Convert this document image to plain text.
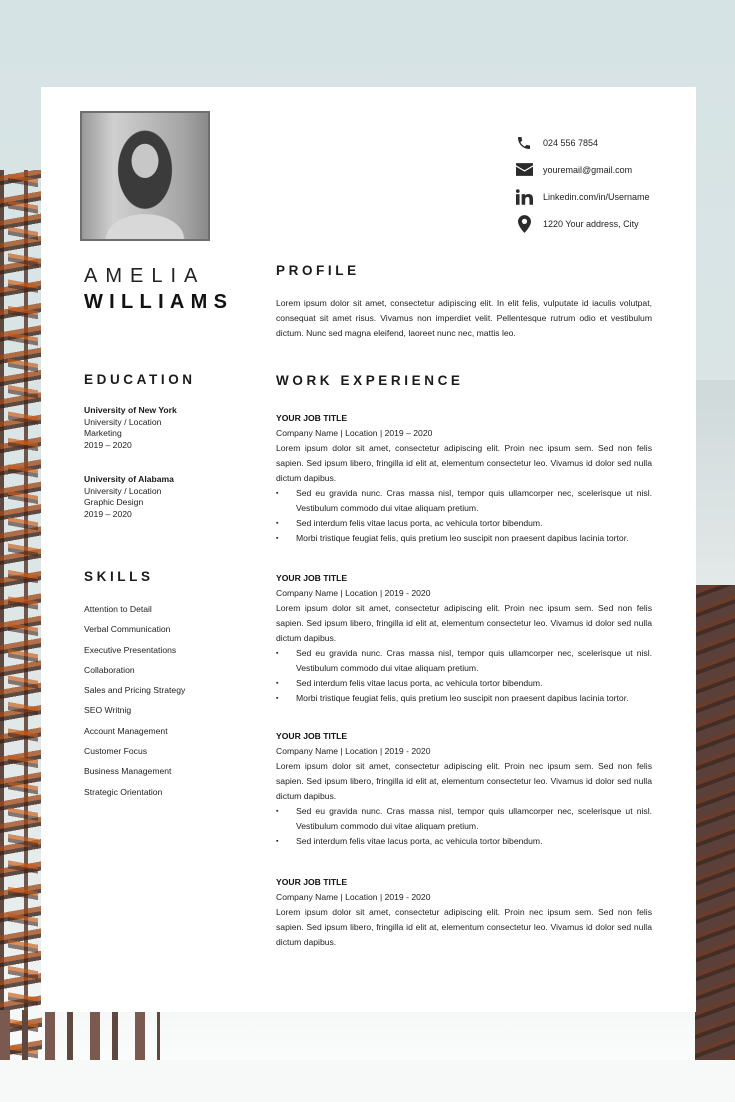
AMELIA
WILLIAMS
024 556 7854
youremail@gmail.com
Linkedin.com/in/Username
1220 Your address, City
PROFILE

Lorem ipsum dolor sit amet, consectetur adipiscing elit. In elit felis, vulputate id iaculis volutpat, consequat sit amet risus. Vivamus non imperdiet velit. Pellentesque rutrum odio et vestibulum dictum. Nunc sed magna eleifend, laoreet nunc nec, mattis leo.

EDUCATION
University of New York
University / Location
Marketing
2019 – 2020
University of Alabama
University / Location
Graphic Design
2019 – 2020
SKILLS
Attention to Detail
Verbal Communication
Executive Presentations
Collaboration
Sales and Pricing Strategy
SEO Writnig
Account Management
Customer Focus
Business Management
Strategic Orientation
WORK EXPERIENCE
YOUR JOB TITLE
Company Name | Location | 2019 – 2020
Lorem ipsum dolor sit amet, consectetur adipiscing elit. Proin nec ipsum sem. Sed non felis sapien. Sed ipsum libero, fringilla id elit at, elementum consectetur leo. Vivamus id dolor sed nulla dictum dapibus.
▪ Sed eu gravida nunc. Cras massa nisl, tempor quis ullamcorper nec, scelerisque ut nisl. Vestibulum commodo dui vitae aliquam pretium.
▪ Sed interdum felis vitae lacus porta, ac vehicula tortor bibendum.
▪ Morbi tristique feugiat felis, quis pretium leo suscipit non praesent dapibus lacinia tortor.
YOUR JOB TITLE
Company Name | Location | 2019 - 2020
Lorem ipsum dolor sit amet, consectetur adipiscing elit. Proin nec ipsum sem. Sed non felis sapien. Sed ipsum libero, fringilla id elit at, elementum consectetur leo. Vivamus id dolor sed nulla dictum dapibus.
▪ Sed eu gravida nunc. Cras massa nisl, tempor quis ullamcorper nec, scelerisque ut nisl. Vestibulum commodo dui vitae aliquam pretium.
▪ Sed interdum felis vitae lacus porta, ac vehicula tortor bibendum.
▪ Morbi tristique feugiat felis, quis pretium leo suscipit non praesent dapibus lacinia tortor.
YOUR JOB TITLE
Company Name | Location | 2019 - 2020
Lorem ipsum dolor sit amet, consectetur adipiscing elit. Proin nec ipsum sem. Sed non felis sapien. Sed ipsum libero, fringilla id elit at, elementum consectetur leo. Vivamus id dolor sed nulla dictum dapibus.
▪ Sed eu gravida nunc. Cras massa nisl, tempor quis ullamcorper nec, scelerisque ut nisl. Vestibulum commodo dui vitae aliquam pretium.
▪ Sed interdum felis vitae lacus porta, ac vehicula tortor bibendum.
YOUR JOB TITLE
Company Name | Location | 2019 - 2020
Lorem ipsum dolor sit amet, consectetur adipiscing elit. Proin nec ipsum sem. Sed non felis sapien. Sed ipsum libero, fringilla id elit at, elementum consectetur leo. Vivamus id dolor sed nulla dictum dapibus.
